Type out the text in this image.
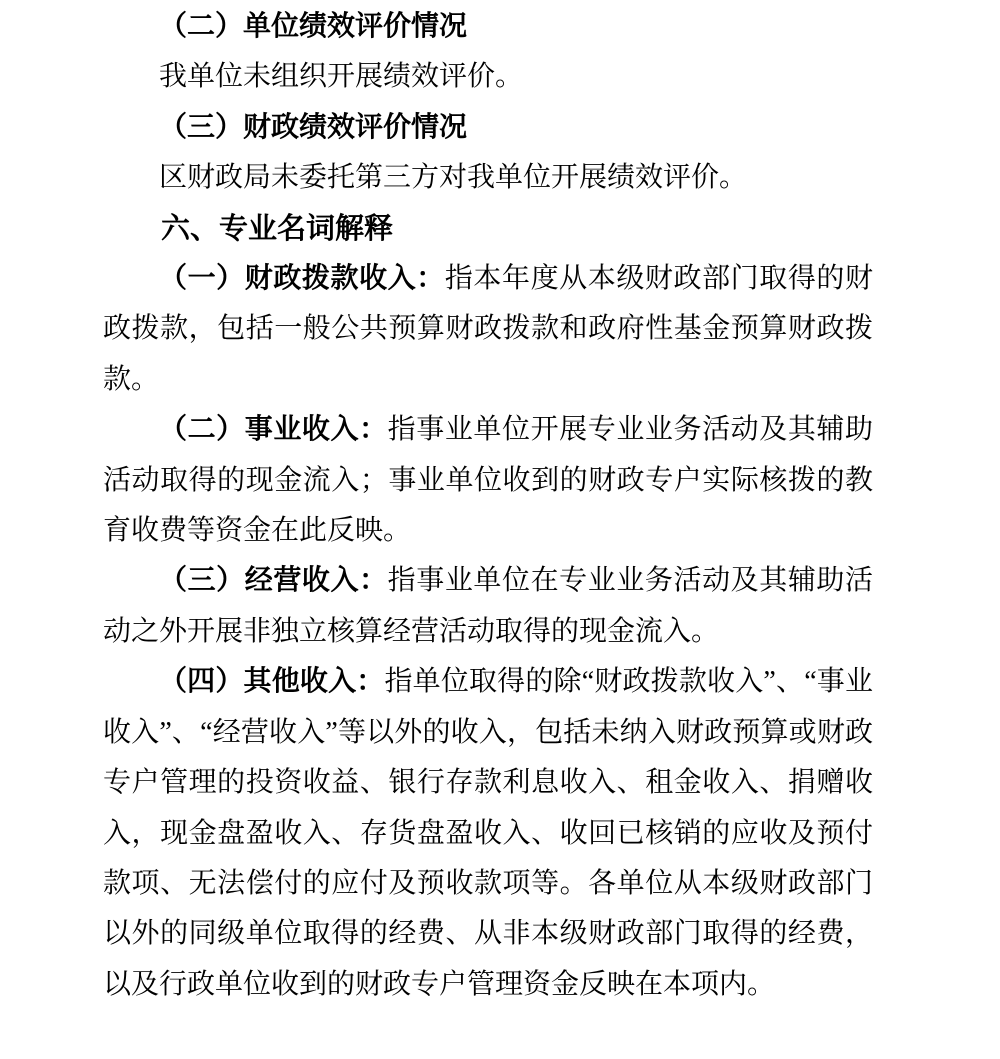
（二）单位绩效评价情况

我单位未组织开展绩效评价。

（三）财政绩效评价情况

区财政局未委托第三方对我单位开展绩效评价。

六、专业名词解释

（一）财政拨款收入：指本年度从本级财政部门取得的财政拨款，包括一般公共预算财政拨款和政府性基金预算财政拨款。

（二）事业收入：指事业单位开展专业业务活动及其辅助活动取得的现金流入；事业单位收到的财政专户实际核拨的教育收费等资金在此反映。

（三）经营收入：指事业单位在专业业务活动及其辅助活动之外开展非独立核算经营活动取得的现金流入。

（四）其他收入：指单位取得的除“财政拨款收入”、“事业收入”、“经营收入”等以外的收入，包括未纳入财政预算或财政专户管理的投资收益、银行存款利息收入、租金收入、捐赠收入，现金盘盈收入、存货盘盈收入、收回已核销的应收及预付款项、无法偿付的应付及预收款项等。各单位从本级财政部门以外的同级单位取得的经费、从非本级财政部门取得的经费，以及行政单位收到的财政专户管理资金反映在本项内。
